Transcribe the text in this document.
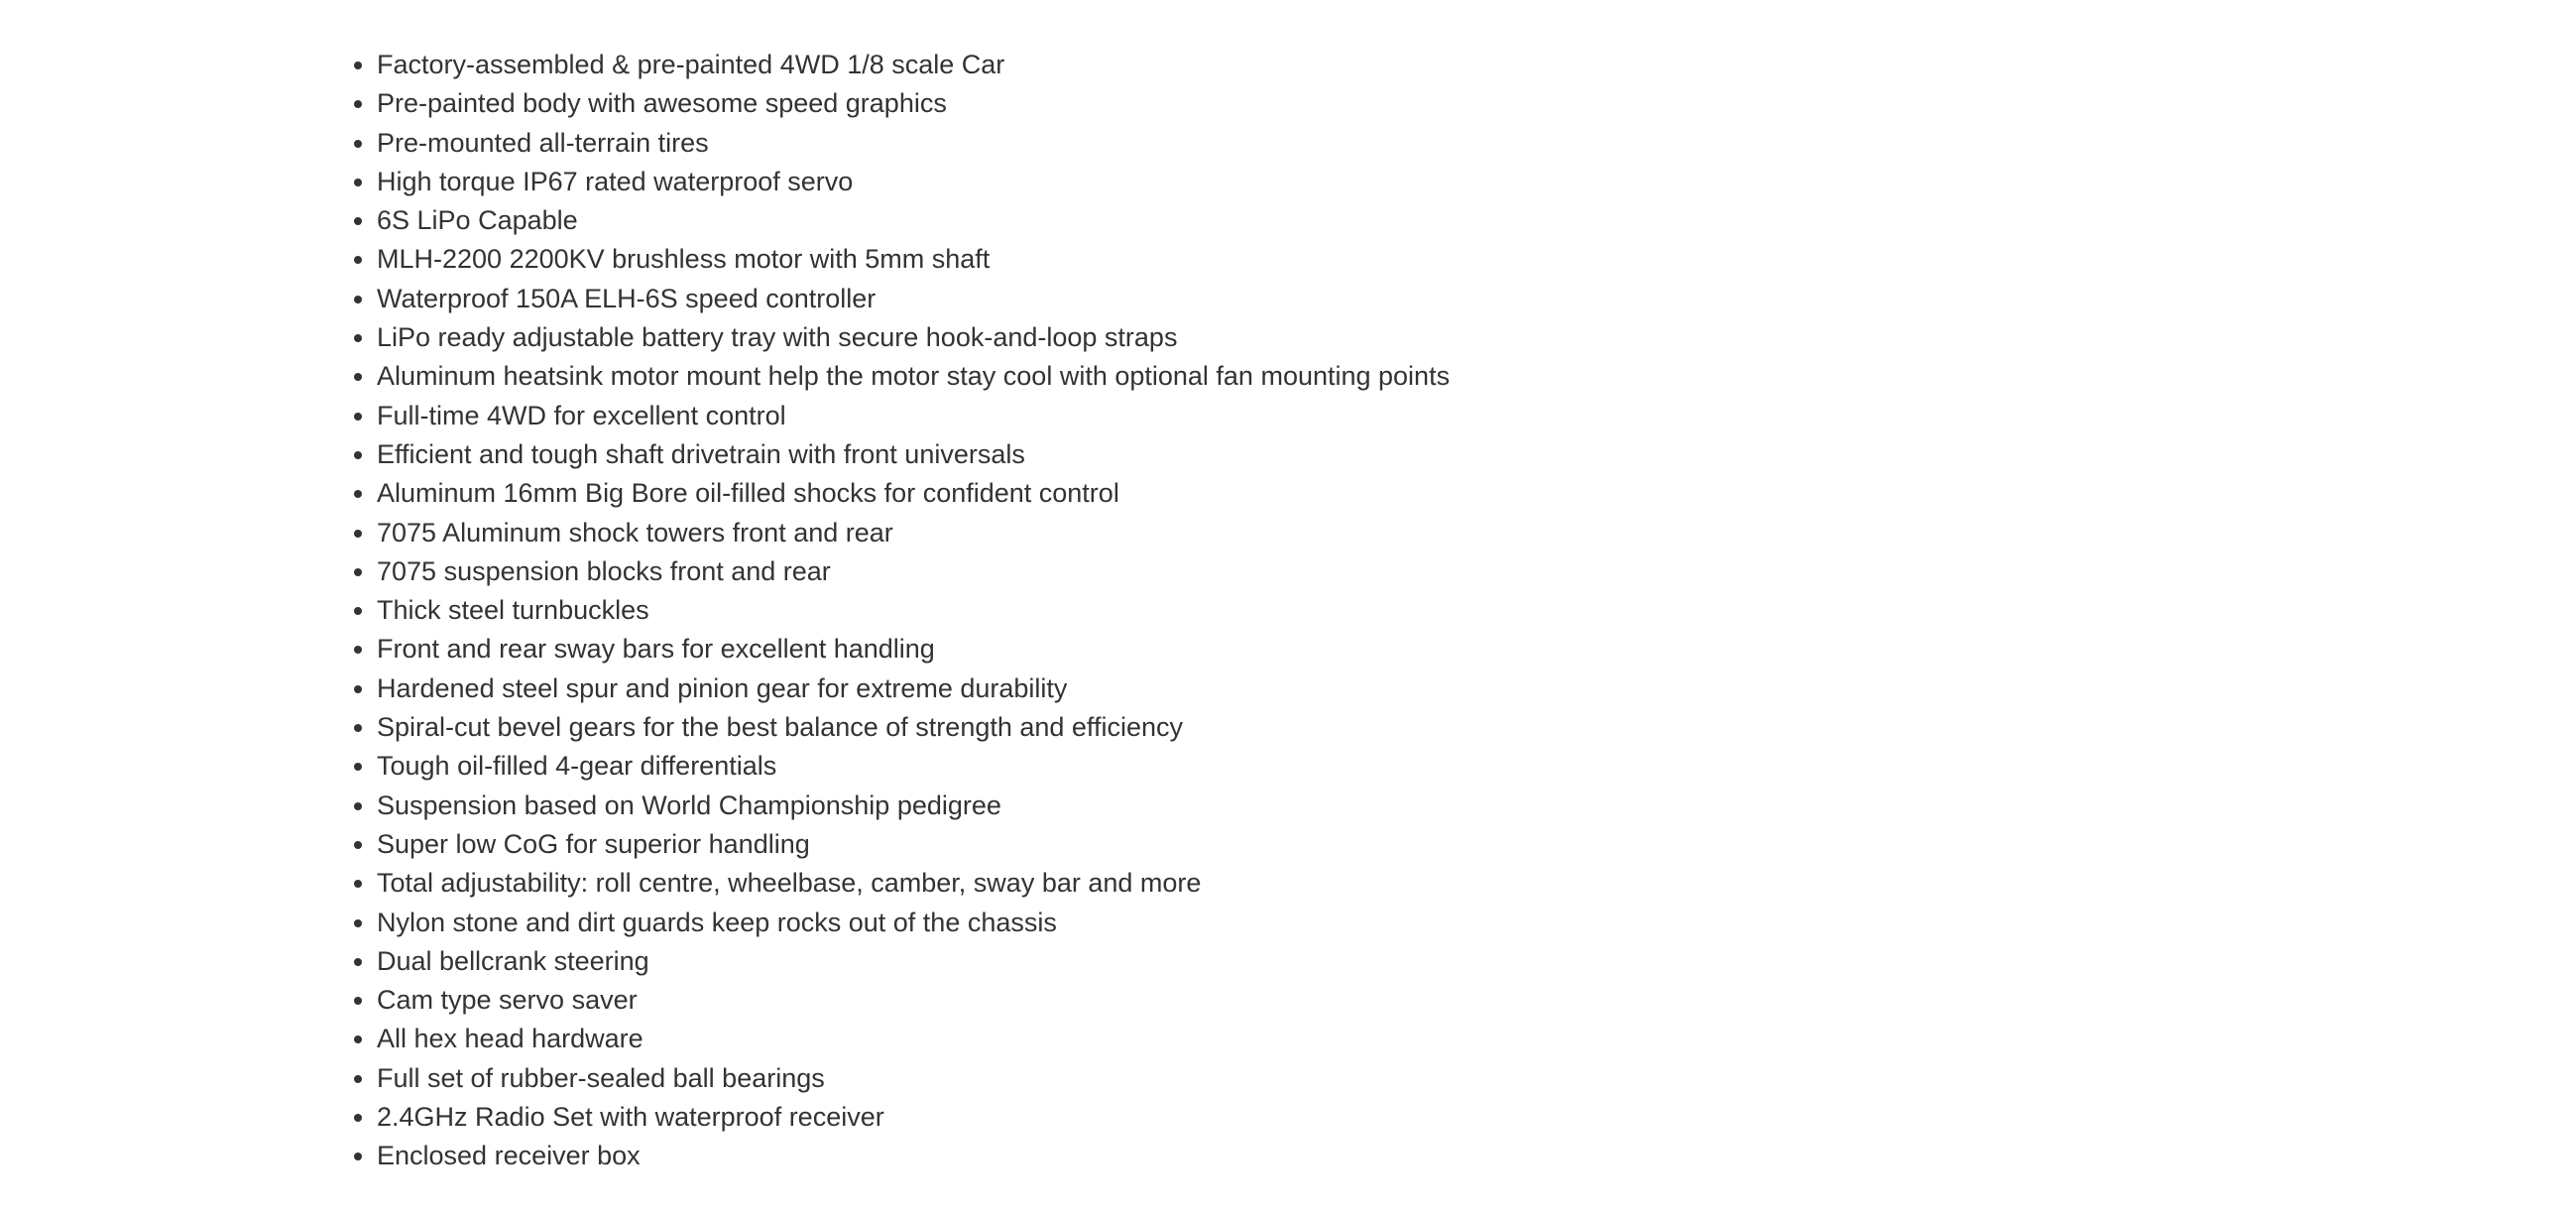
• Factory-assembled & pre-painted 4WD 1/8 scale Car
• Pre-painted body with awesome speed graphics
• Pre-mounted all-terrain tires
• High torque IP67 rated waterproof servo
• 6S LiPo Capable
• MLH-2200 2200KV brushless motor with 5mm shaft
• Waterproof 150A ELH-6S speed controller
• LiPo ready adjustable battery tray with secure hook-and-loop straps
• Aluminum heatsink motor mount help the motor stay cool with optional fan mounting points
• Full-time 4WD for excellent control
• Efficient and tough shaft drivetrain with front universals
• Aluminum 16mm Big Bore oil-filled shocks for confident control
• 7075 Aluminum shock towers front and rear
• 7075 suspension blocks front and rear
• Thick steel turnbuckles
• Front and rear sway bars for excellent handling
• Hardened steel spur and pinion gear for extreme durability
• Spiral-cut bevel gears for the best balance of strength and efficiency
• Tough oil-filled 4-gear differentials
• Suspension based on World Championship pedigree
• Super low CoG for superior handling
• Total adjustability: roll centre, wheelbase, camber, sway bar and more
• Nylon stone and dirt guards keep rocks out of the chassis
• Dual bellcrank steering
• Cam type servo saver
• All hex head hardware
• Full set of rubber-sealed ball bearings
• 2.4GHz Radio Set with waterproof receiver
• Enclosed receiver box
